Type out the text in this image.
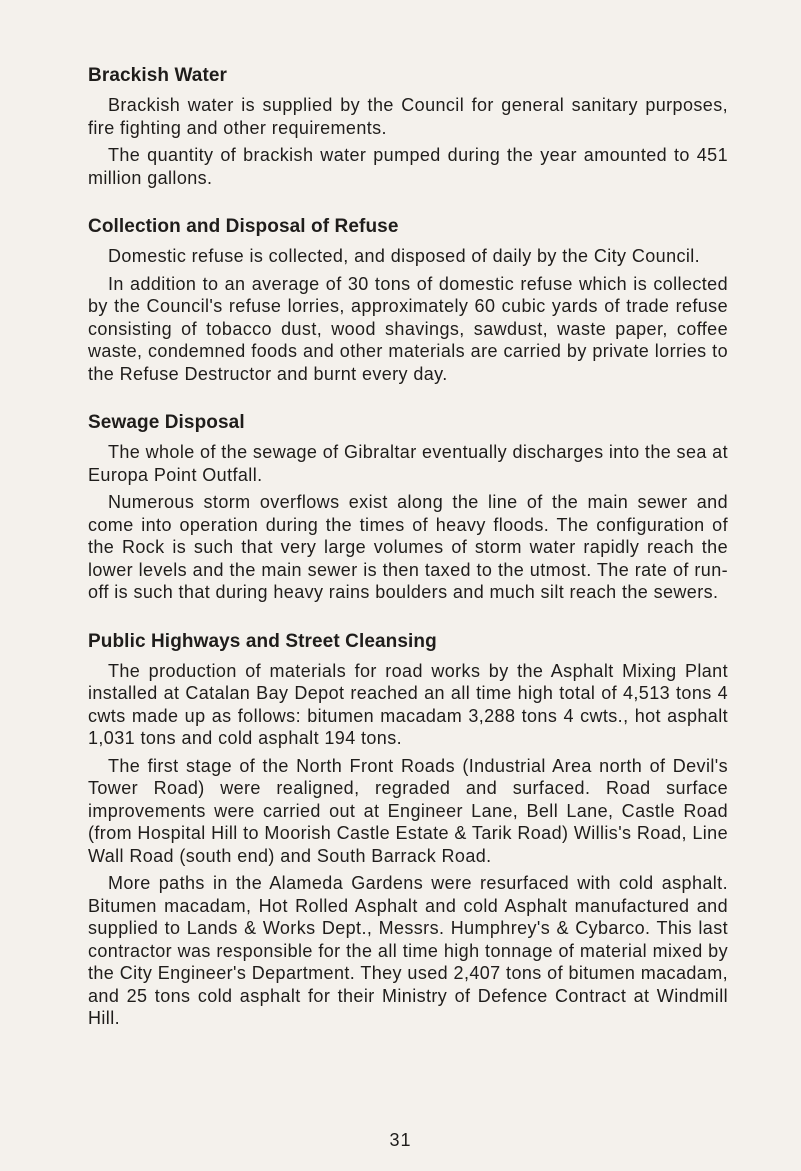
Brackish Water

Brackish water is supplied by the Council for general sanitary purposes, fire fighting and other requirements.

The quantity of brackish water pumped during the year amounted to 451 million gallons.

Collection and Disposal of Refuse

Domestic refuse is collected, and disposed of daily by the City Council.

In addition to an average of 30 tons of domestic refuse which is collected by the Council's refuse lorries, approximately 60 cubic yards of trade refuse consisting of tobacco dust, wood shavings, sawdust, waste paper, coffee waste, condemned foods and other materials are carried by private lorries to the Refuse Destructor and burnt every day.

Sewage Disposal

The whole of the sewage of Gibraltar eventually discharges into the sea at Europa Point Outfall.

Numerous storm overflows exist along the line of the main sewer and come into operation during the times of heavy floods. The configuration of the Rock is such that very large volumes of storm water rapidly reach the lower levels and the main sewer is then taxed to the utmost. The rate of run-off is such that during heavy rains boulders and much silt reach the sewers.

Public Highways and Street Cleansing

The production of materials for road works by the Asphalt Mixing Plant installed at Catalan Bay Depot reached an all time high total of 4,513 tons 4 cwts made up as follows: bitumen macadam 3,288 tons 4 cwts., hot asphalt 1,031 tons and cold asphalt 194 tons.

The first stage of the North Front Roads (Industrial Area north of Devil's Tower Road) were realigned, regraded and surfaced. Road surface improvements were carried out at Engineer Lane, Bell Lane, Castle Road (from Hospital Hill to Moorish Castle Estate & Tarik Road) Willis's Road, Line Wall Road (south end) and South Barrack Road.

More paths in the Alameda Gardens were resurfaced with cold asphalt. Bitumen macadam, Hot Rolled Asphalt and cold Asphalt manufactured and supplied to Lands & Works Dept., Messrs. Humphrey's & Cybarco. This last contractor was responsible for the all time high tonnage of material mixed by the City Engineer's Department. They used 2,407 tons of bitumen macadam, and 25 tons cold asphalt for their Ministry of Defence Contract at Windmill Hill.

31
